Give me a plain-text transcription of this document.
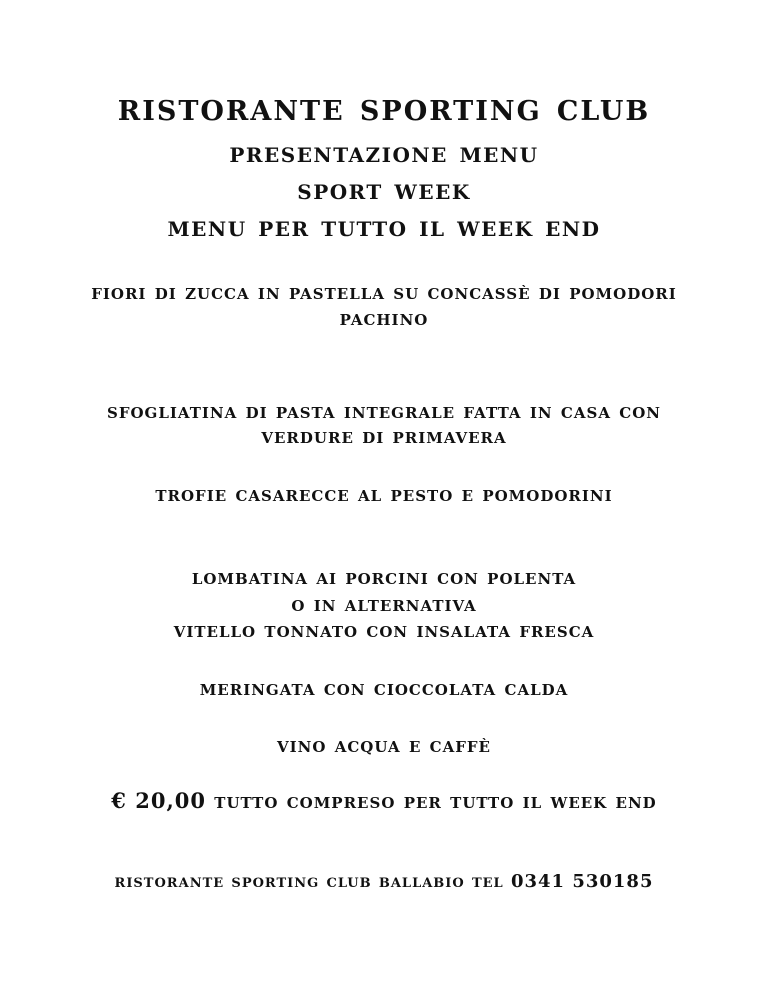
ristorante sporting club
presentazione menu
sport week
menu per tutto il week end
fiori di zucca in pastella su concassè di pomodori
pachino
sfogliatina di pasta integrale fatta in casa con
verdure di primavera
trofie casarecce al pesto e pomodorini
lombatina ai porcini con polenta
o in alternativa
vitello tonnato con insalata fresca
meringata con cioccolata calda
vino acqua e caffè
€ 20,00 tutto compreso per tutto il week end
ristorante sporting club ballabio tel 0341 530185
